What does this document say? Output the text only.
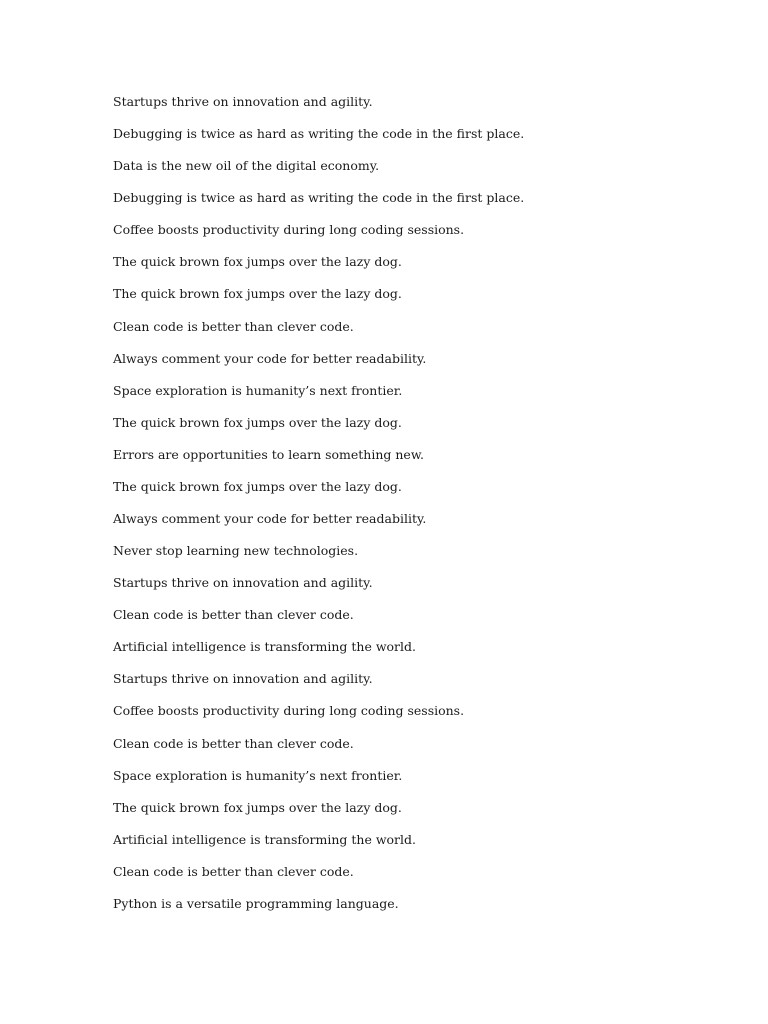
Startups thrive on innovation and agility.
Debugging is twice as hard as writing the code in the first place.
Data is the new oil of the digital economy.
Debugging is twice as hard as writing the code in the first place.
Coffee boosts productivity during long coding sessions.
The quick brown fox jumps over the lazy dog.
The quick brown fox jumps over the lazy dog.
Clean code is better than clever code.
Always comment your code for better readability.
Space exploration is humanity’s next frontier.
The quick brown fox jumps over the lazy dog.
Errors are opportunities to learn something new.
The quick brown fox jumps over the lazy dog.
Always comment your code for better readability.
Never stop learning new technologies.
Startups thrive on innovation and agility.
Clean code is better than clever code.
Artificial intelligence is transforming the world.
Startups thrive on innovation and agility.
Coffee boosts productivity during long coding sessions.
Clean code is better than clever code.
Space exploration is humanity’s next frontier.
The quick brown fox jumps over the lazy dog.
Artificial intelligence is transforming the world.
Clean code is better than clever code.
Python is a versatile programming language.
